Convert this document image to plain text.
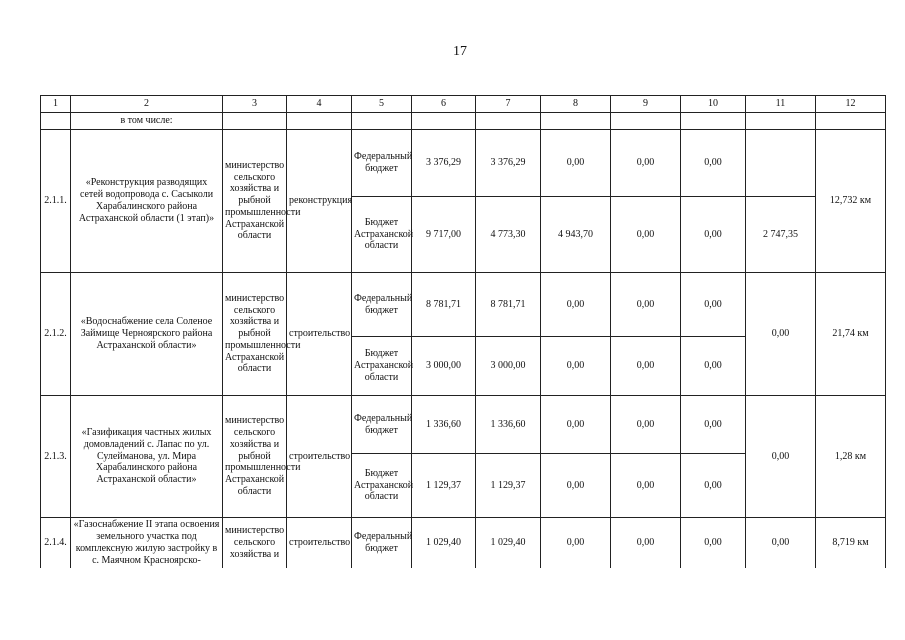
17
1	2	3	4	5	6	7	8	9	10	11	12
	в том числе:										
2.1.1.	«Реконструкция разводящих сетей водопровода с. Сасыколи Харабалинского района Астраханской области (1 этап)»	министерство сельского хозяйства и рыбной промышленности Астраханской области	реконструкция	Федеральный бюджет	3 376,29	3 376,29	0,00	0,00	0,00		12,732 км
				Бюджет Астраханской области	9 717,00	4 773,30	4 943,70	0,00	0,00	2 747,35	
2.1.2.	«Водоснабжение села Соленое Займище Черноярского района Астраханской области»	министерство сельского хозяйства и рыбной промышленности Астраханской области	строительство	Федеральный бюджет	8 781,71	8 781,71	0,00	0,00	0,00	0,00	21,74 км
				Бюджет Астраханской области	3 000,00	3 000,00	0,00	0,00	0,00		
2.1.3.	«Газификация частных жилых домовладений с. Лапас по ул. Сулейманова, ул. Мира Харабалинского района Астраханской области»	министерство сельского хозяйства и рыбной промышленности Астраханской области	строительство	Федеральный бюджет	1 336,60	1 336,60	0,00	0,00	0,00	0,00	1,28 км
				Бюджет Астраханской области	1 129,37	1 129,37	0,00	0,00	0,00		
2.1.4.	«Газоснабжение II этапа освоения земельного участка под комплексную жилую застройку в с. Маячном Красноярско-	министерство сельского хозяйства и	строительство	Федеральный бюджет	1 029,40	1 029,40	0,00	0,00	0,00	0,00	8,719 км
